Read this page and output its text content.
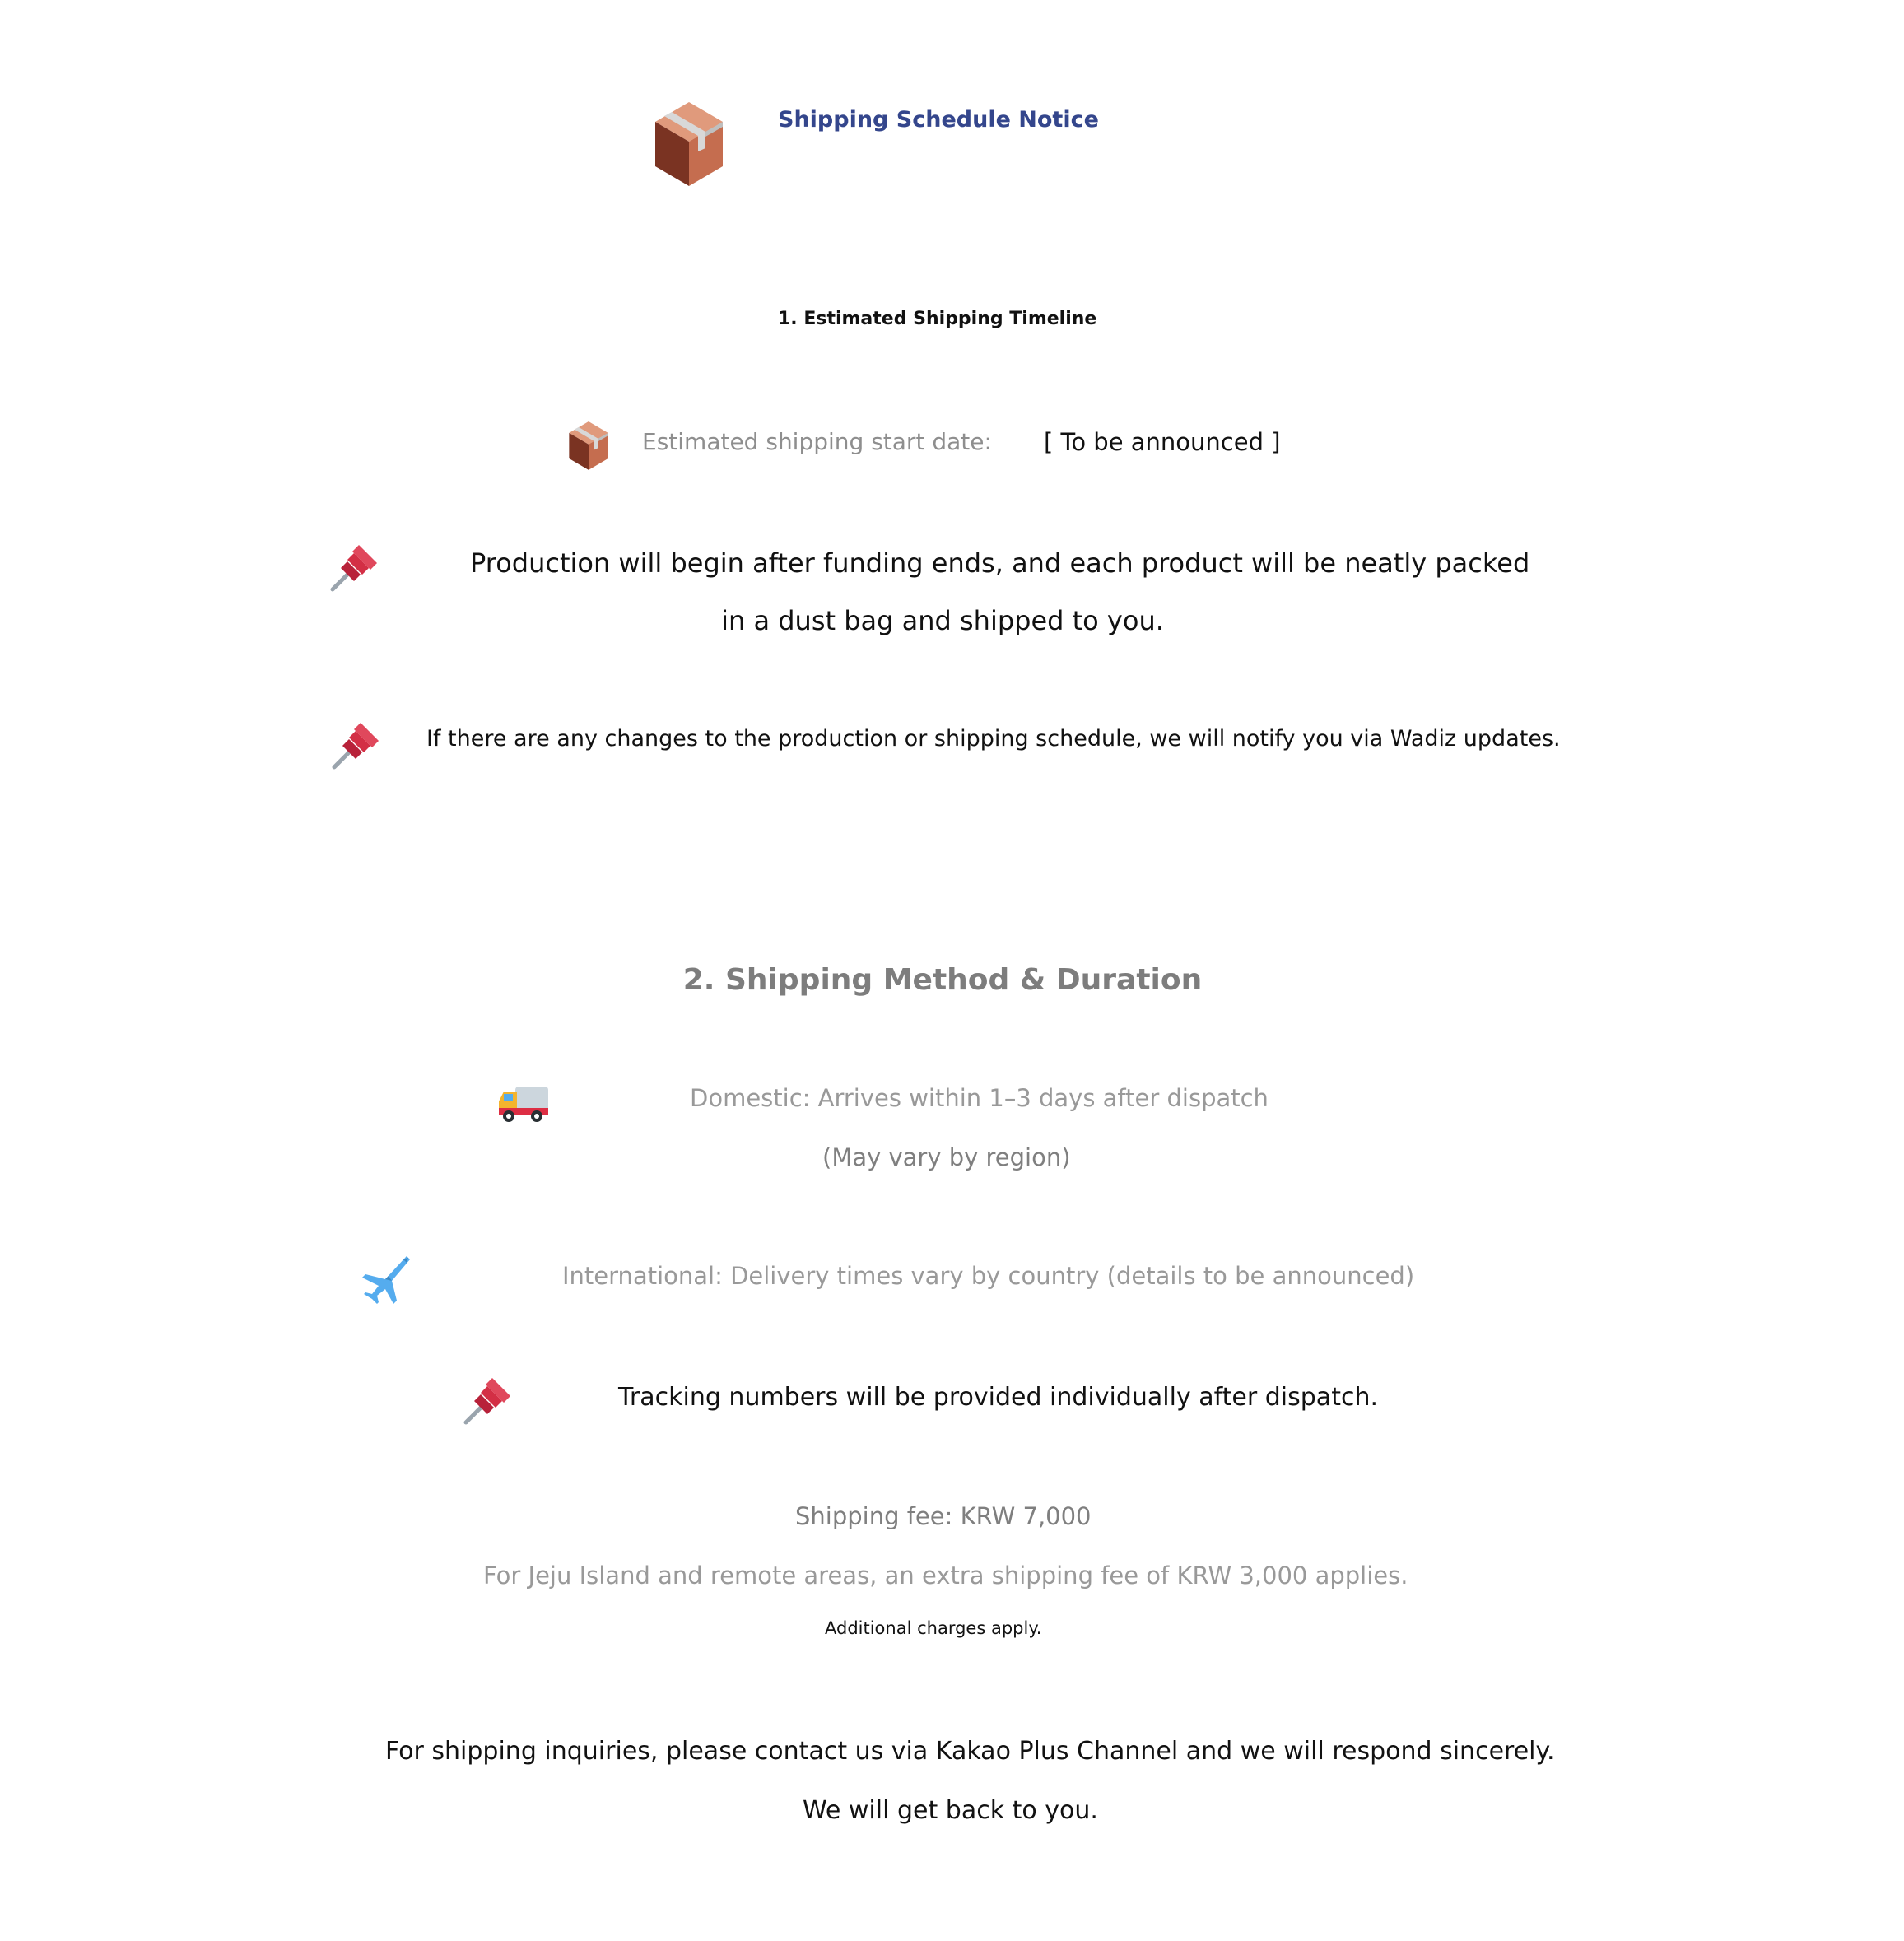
Shipping Schedule Notice
1. Estimated Shipping Timeline
Estimated shipping start date: [ To be announced ]
Production will begin after funding ends, and each product will be neatly packed
in a dust bag and shipped to you.
If there are any changes to the production or shipping schedule, we will notify you via Wadiz updates.
2. Shipping Method & Duration
Domestic: Arrives within 1–3 days after dispatch
(May vary by region)
International: Delivery times vary by country (details to be announced)
Tracking numbers will be provided individually after dispatch.
Shipping fee: KRW 7,000
For Jeju Island and remote areas, an extra shipping fee of KRW 3,000 applies.
Additional charges apply.
For shipping inquiries, please contact us via Kakao Plus Channel and we will respond sincerely.
We will get back to you.
